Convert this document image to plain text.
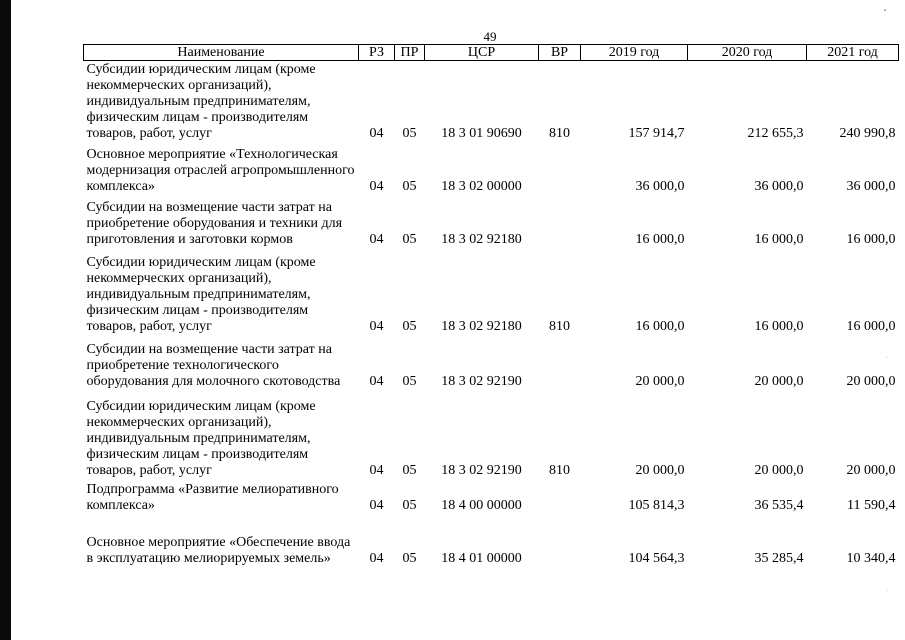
49
Наименование	РЗ	ПР	ЦСР	ВР	2019 год	2020 год	2021 год
Субсидии юридическим лицам (кроме некоммерческих организаций), индивидуальным предпринимателям, физическим лицам - производителям товаров, работ, услуг	04	05	18 3 01 90690	810	157 914,7	212 655,3	240 990,8
Основное мероприятие «Технологическая модернизация отраслей агропромышленного комплекса»	04	05	18 3 02 00000		36 000,0	36 000,0	36 000,0
Субсидии на возмещение части затрат на приобретение оборудования и техники для приготовления и заготовки кормов	04	05	18 3 02 92180		16 000,0	16 000,0	16 000,0
Субсидии юридическим лицам (кроме некоммерческих организаций), индивидуальным предпринимателям, физическим лицам - производителям товаров, работ, услуг	04	05	18 3 02 92180	810	16 000,0	16 000,0	16 000,0
Субсидии на возмещение части затрат на приобретение технологического оборудования для молочного скотоводства	04	05	18 3 02 92190		20 000,0	20 000,0	20 000,0
Субсидии юридическим лицам (кроме некоммерческих организаций), индивидуальным предпринимателям, физическим лицам - производителям товаров, работ, услуг	04	05	18 3 02 92190	810	20 000,0	20 000,0	20 000,0
Подпрограмма «Развитие мелиоративного комплекса»	04	05	18 4 00 00000		105 814,3	36 535,4	11 590,4
Основное мероприятие «Обеспечение ввода в эксплуатацию мелиорируемых земель»	04	05	18 4 01 00000		104 564,3	35 285,4	10 340,4
▪
·
·
